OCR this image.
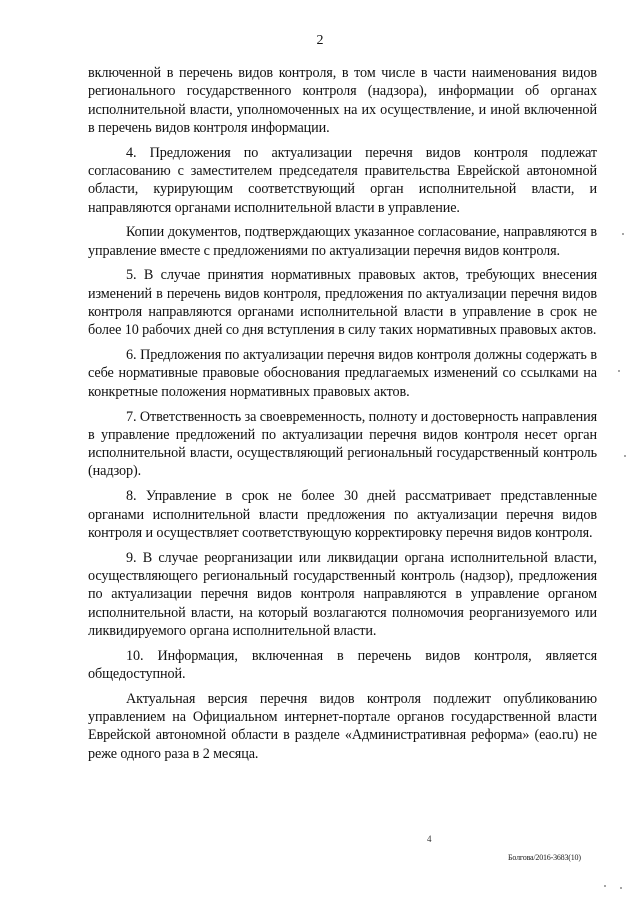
2

включенной в перечень видов контроля, в том числе в части наименования видов регионального государственного контроля (надзора), информации об органах исполнительной власти, уполномоченных на их осуществление, и иной включенной в перечень видов контроля информации.

4. Предложения по актуализации перечня видов контроля подлежат согласованию с заместителем председателя правительства Еврейской автономной области, курирующим соответствующий орган исполнительной власти, и направляются органами исполнительной власти в управление.

Копии документов, подтверждающих указанное согласование, направляются в управление вместе с предложениями по актуализации перечня видов контроля.

5. В случае принятия нормативных правовых актов, требующих внесения изменений в перечень видов контроля, предложения по актуализации перечня видов контроля направляются органами исполнительной власти в управление в срок не более 10 рабочих дней со дня вступления в силу таких нормативных правовых актов.

6. Предложения по актуализации перечня видов контроля должны содержать в себе нормативные правовые обоснования предлагаемых изменений со ссылками на конкретные положения нормативных правовых актов.

7. Ответственность за своевременность, полноту и достоверность направления в управление предложений по актуализации перечня видов контроля несет орган исполнительной власти, осуществляющий региональный государственный контроль (надзор).

8. Управление в срок не более 30 дней рассматривает представленные органами исполнительной власти предложения по актуализации перечня видов контроля и осуществляет соответствующую корректировку перечня видов контроля.

9. В случае реорганизации или ликвидации органа исполнительной власти, осуществляющего региональный государственный контроль (надзор), предложения по актуализации перечня видов контроля направляются в управление органом исполнительной власти, на который возлагаются полномочия реорганизуемого или ликвидируемого органа исполнительной власти.

10. Информация, включенная в перечень видов контроля, является общедоступной.

Актуальная версия перечня видов контроля подлежит опубликованию управлением на Официальном интернет-портале органов государственной власти Еврейской автономной области в разделе «Административная реформа» (eao.ru) не реже одного раза в 2 месяца.

4
Болгова/2016-3683(10)
